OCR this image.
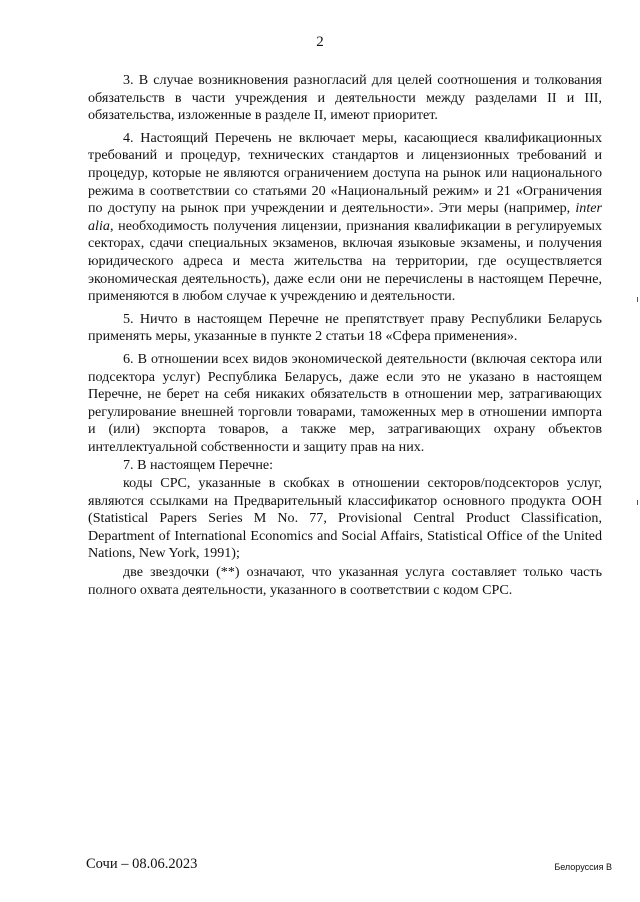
2

3. В случае возникновения разногласий для целей соотношения и толкования обязательств в части учреждения и деятельности между разделами II и III, обязательства, изложенные в разделе II, имеют приоритет.

4. Настоящий Перечень не включает меры, касающиеся квалификационных требований и процедур, технических стандартов и лицензионных требований и процедур, которые не являются ограничением доступа на рынок или национального режима в соответствии со статьями 20 «Национальный режим» и 21 «Ограничения по доступу на рынок при учреждении и деятельности». Эти меры (например, inter alia, необходимость получения лицензии, признания квалификации в регулируемых секторах, сдачи специальных экзаменов, включая языковые экзамены, и получения юридического адреса и места жительства на территории, где осуществляется экономическая деятельность), даже если они не перечислены в настоящем Перечне, применяются в любом случае к учреждению и деятельности.

5. Ничто в настоящем Перечне не препятствует праву Республики Беларусь применять меры, указанные в пункте 2 статьи 18 «Сфера применения».

6. В отношении всех видов экономической деятельности (включая сектора или подсектора услуг) Республика Беларусь, даже если это не указано в настоящем Перечне, не берет на себя никаких обязательств в отношении мер, затрагивающих регулирование внешней торговли товарами, таможенных мер в отношении импорта и (или) экспорта товаров, а также мер, затрагивающих охрану объектов интеллектуальной собственности и защиту прав на них.

7. В настоящем Перечне:

коды CPC, указанные в скобках в отношении секторов/подсекторов услуг, являются ссылками на Предварительный классификатор основного продукта ООН (Statistical Papers Series M No. 77, Provisional Central Product Classification, Department of International Economics and Social Affairs, Statistical Office of the United Nations, New York, 1991);

две звездочки (**) означают, что указанная услуга составляет только часть полного охвата деятельности, указанного в соответствии с кодом CPC.

Сочи – 08.06.2023	Белоруссия В
